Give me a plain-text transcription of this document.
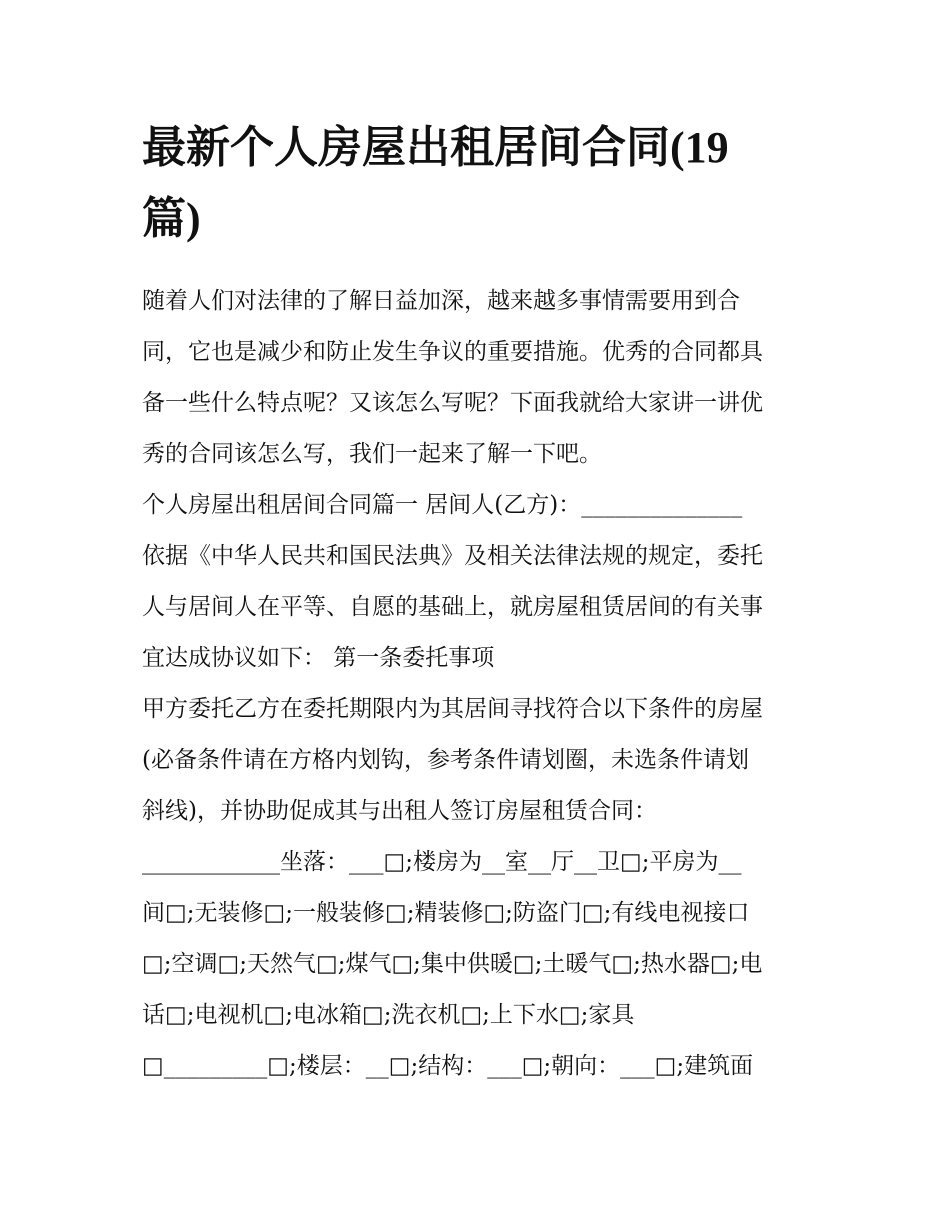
最新个人房屋出租居间合同(19
篇)

随着人们对法律的了解日益加深，越来越多事情需要用到合
同，它也是减少和防止发生争议的重要措施。优秀的合同都具
备一些什么特点呢？又该怎么写呢？下面我就给大家讲一讲优
秀的合同该怎么写，我们一起来了解一下吧。

个人房屋出租居间合同篇一 居间人(乙方)：______________

依据《中华人民共和国民法典》及相关法律法规的规定，委托
人与居间人在平等、自愿的基础上，就房屋租赁居间的有关事
宜达成协议如下： 第一条委托事项

甲方委托乙方在委托期限内为其居间寻找符合以下条件的房屋
(必备条件请在方格内划钩，参考条件请划圈，未选条件请划
斜线)，并协助促成其与出租人签订房屋租赁合同：

____________坐落：___□;楼房为__室__厅__卫□;平房为__
间□;无装修□;一般装修□;精装修□;防盗门□;有线电视接口
□;空调□;天然气□;煤气□;集中供暖□;土暖气□;热水器□;电
话□;电视机□;电冰箱□;洗衣机□;上下水□;家具
□_________□;楼层：__□;结构：___□;朝向：___□;建筑面
